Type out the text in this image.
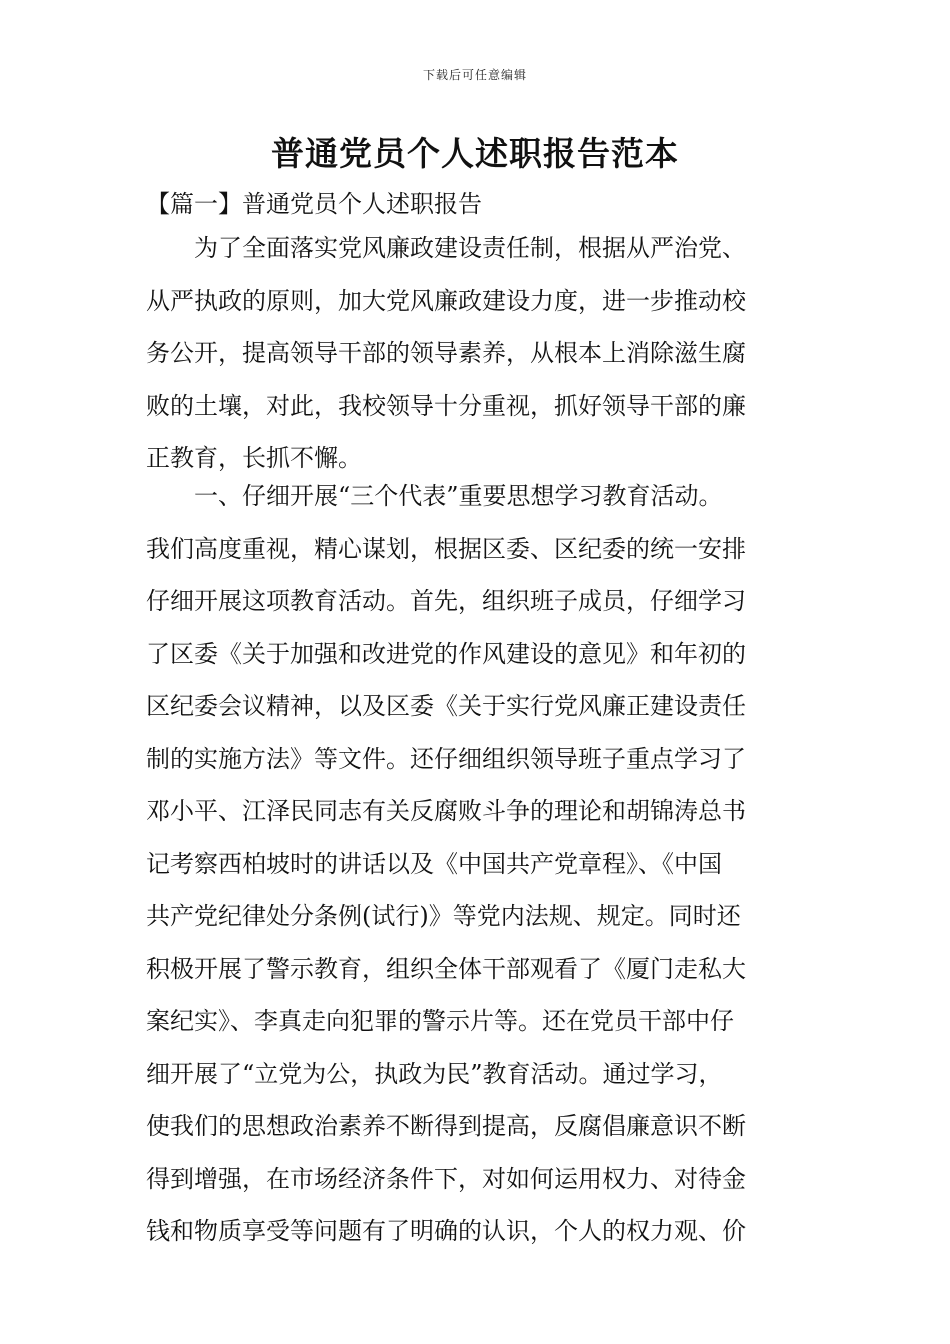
下载后可任意编辑
普通党员个人述职报告范本
【篇一】普通党员个人述职报告
为了全面落实党风廉政建设责任制，根据从严治党、
从严执政的原则，加大党风廉政建设力度，进一步推动校
务公开，提高领导干部的领导素养，从根本上消除滋生腐
败的土壤，对此，我校领导十分重视，抓好领导干部的廉
正教育，长抓不懈。
一、仔细开展“三个代表”重要思想学习教育活动。
我们高度重视，精心谋划，根据区委、区纪委的统一安排
仔细开展这项教育活动。首先，组织班子成员，仔细学习
了区委《关于加强和改进党的作风建设的意见》和年初的
区纪委会议精神，以及区委《关于实行党风廉正建设责任
制的实施方法》等文件。还仔细组织领导班子重点学习了
邓小平、江泽民同志有关反腐败斗争的理论和胡锦涛总书
记考察西柏坡时的讲话以及《中国共产党章程》、《中国
共产党纪律处分条例(试行)》等党内法规、规定。同时还
积极开展了警示教育，组织全体干部观看了《厦门走私大
案纪实》、李真走向犯罪的警示片等。还在党员干部中仔
细开展了“立党为公，执政为民”教育活动。通过学习，
使我们的思想政治素养不断得到提高，反腐倡廉意识不断
得到增强，在市场经济条件下，对如何运用权力、对待金
钱和物质享受等问题有了明确的认识，个人的权力观、价
